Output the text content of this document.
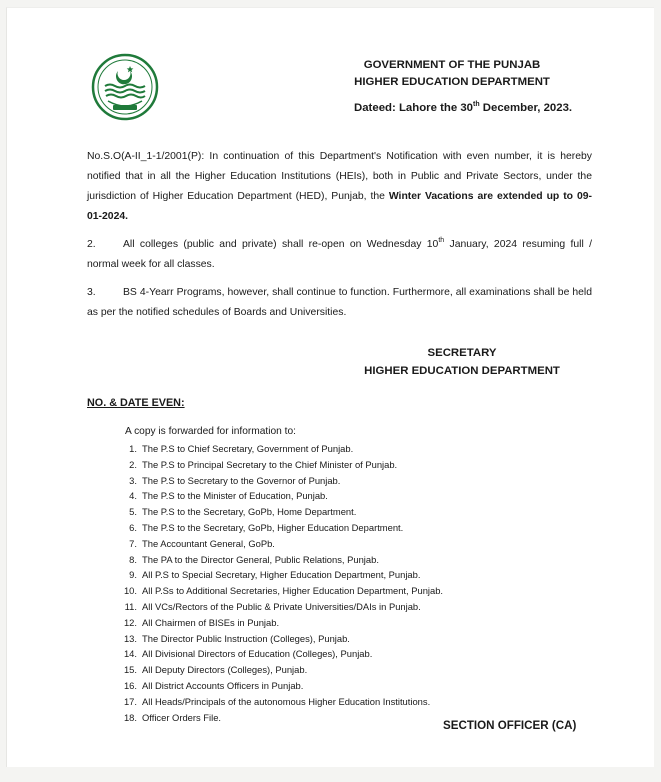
GOVERNMENT OF THE PUNJAB
HIGHER EDUCATION DEPARTMENT
Dateed: Lahore the 30th December, 2023.
No.S.O(A-II_1-1/2001(P): In continuation of this Department's Notification with even number, it is hereby notified that in all the Higher Education Institutions (HEIs), both in Public and Private Sectors, under the jurisdiction of Higher Education Department (HED), Punjab, the Winter Vacations are extended up to 09-01-2024.
2.	All colleges (public and private) shall re-open on Wednesday 10th January, 2024 resuming full / normal week for all classes.
3.	BS 4-Yearr Programs, however, shall continue to function. Furthermore, all examinations shall be held as per the notified schedules of Boards and Universities.
SECRETARY
HIGHER EDUCATION DEPARTMENT
NO. & DATE EVEN:
A copy is forwarded for information to:
1. The P.S to Chief Secretary, Government of Punjab.
2. The P.S to Principal Secretary to the Chief Minister of Punjab.
3. The P.S to Secretary to the Governor of Punjab.
4. The P.S to the Minister of Education, Punjab.
5. The P.S to the Secretary, GoPb, Home Department.
6. The P.S to the Secretary, GoPb, Higher Education Department.
7. The Accountant General, GoPb.
8. The PA to the Director General, Public Relations, Punjab.
9. All P.S to Special Secretary, Higher Education Department, Punjab.
10. All P.Ss to Additional Secretaries, Higher Education Department, Punjab.
11. All VCs/Rectors of the Public & Private Universities/DAIs in Punjab.
12. All Chairmen of BISEs in Punjab.
13. The Director Public Instruction (Colleges), Punjab.
14. All Divisional Directors of Education (Colleges), Punjab.
15. All Deputy Directors (Colleges), Punjab.
16. All District Accounts Officers in Punjab.
17. All Heads/Principals of the autonomous Higher Education Institutions.
18. Officer Orders File.
SECTION OFFICER (CA)
